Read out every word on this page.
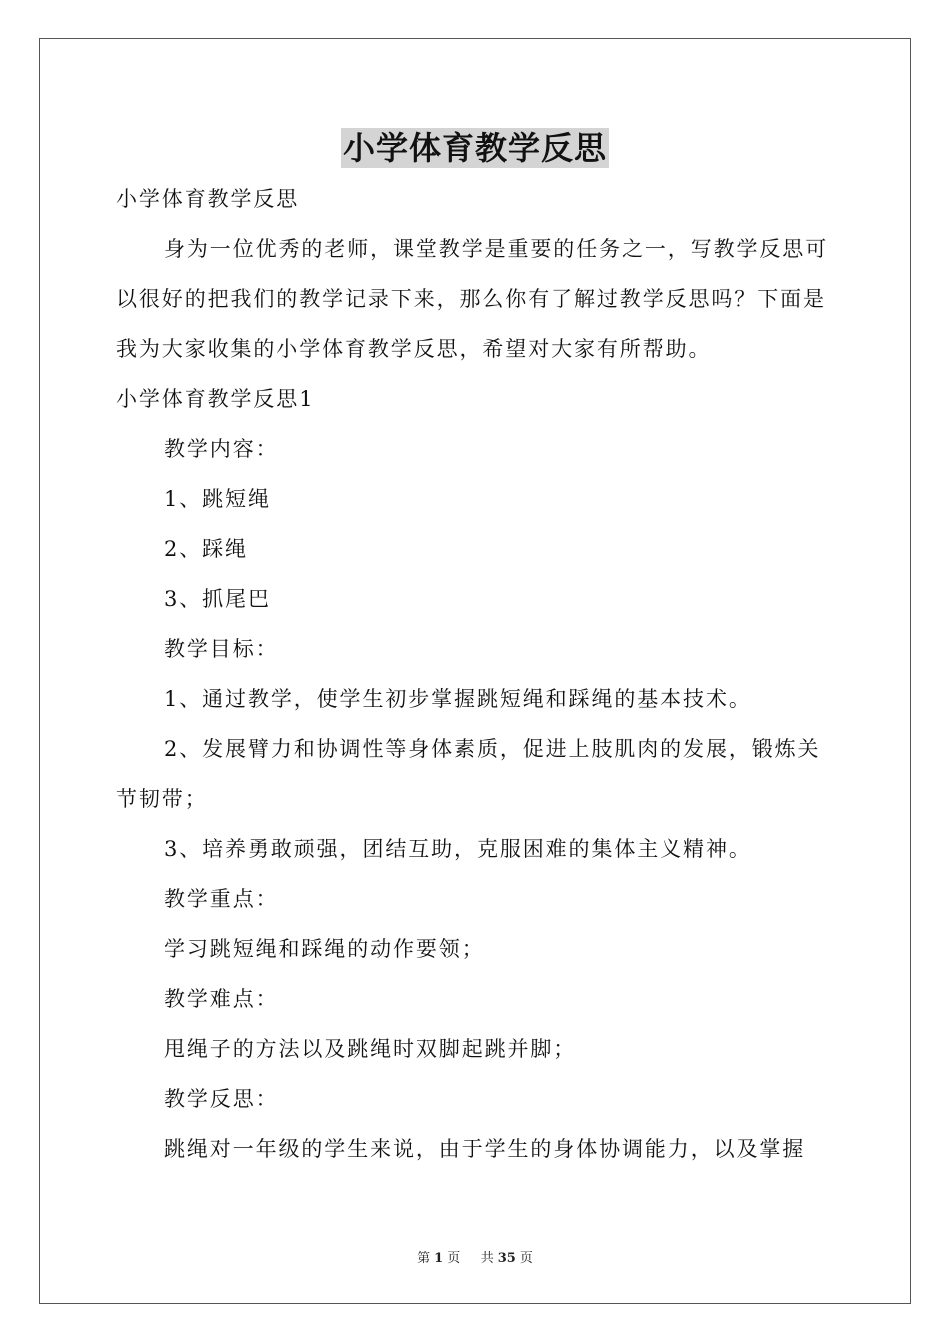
小学体育教学反思

小学体育教学反思

身为一位优秀的老师，课堂教学是重要的任务之一，写教学反思可以很好的把我们的教学记录下来，那么你有了解过教学反思吗？下面是我为大家收集的小学体育教学反思，希望对大家有所帮助。

小学体育教学反思1

教学内容：

1、跳短绳

2、踩绳

3、抓尾巴

教学目标：

1、通过教学，使学生初步掌握跳短绳和踩绳的基本技术。

2、发展臂力和协调性等身体素质，促进上肢肌肉的发展，锻炼关节韧带；

3、培养勇敢顽强，团结互助，克服困难的集体主义精神。

教学重点：

学习跳短绳和踩绳的动作要领；

教学难点：

甩绳子的方法以及跳绳时双脚起跳并脚；

教学反思：

跳绳对一年级的学生来说，由于学生的身体协调能力，以及掌握

第 1 页 共 35 页
